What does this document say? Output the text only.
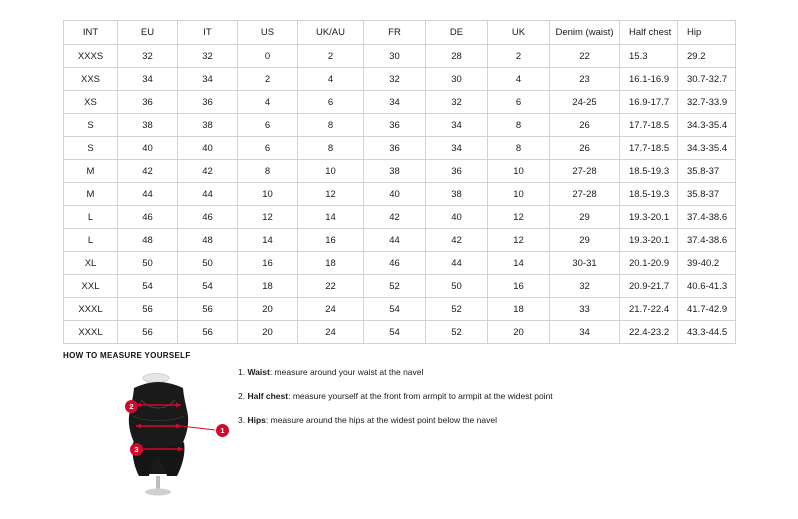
INT	EU	IT	US	UK/AU	FR	DE	UK	Denim (waist)	Half chest	Hip
XXXS	32	32	0	2	30	28	2	22	15.3	29.2
XXS	34	34	2	4	32	30	4	23	16.1-16.9	30.7-32.7
XS	36	36	4	6	34	32	6	24-25	16.9-17.7	32.7-33.9
S	38	38	6	8	36	34	8	26	17.7-18.5	34.3-35.4
S	40	40	6	8	36	34	8	26	17.7-18.5	34.3-35.4
M	42	42	8	10	38	36	10	27-28	18.5-19.3	35.8-37
M	44	44	10	12	40	38	10	27-28	18.5-19.3	35.8-37
L	46	46	12	14	42	40	12	29	19.3-20.1	37.4-38.6
L	48	48	14	16	44	42	12	29	19.3-20.1	37.4-38.6
XL	50	50	16	18	46	44	14	30-31	20.1-20.9	39-40.2
XXL	54	54	18	22	52	50	16	32	20.9-21.7	40.6-41.3
XXXL	56	56	20	24	54	52	18	33	21.7-22.4	41.7-42.9
XXXL	56	56	20	24	54	52	20	34	22.4-23.2	43.3-44.5
HOW TO MEASURE YOURSELF
1
2
3

1. Waist: measure around your waist at the navel

2. Half chest: measure yourself at the front from armpit to armpit at the widest point

3. Hips: measure around the hips at the widest point below the navel
